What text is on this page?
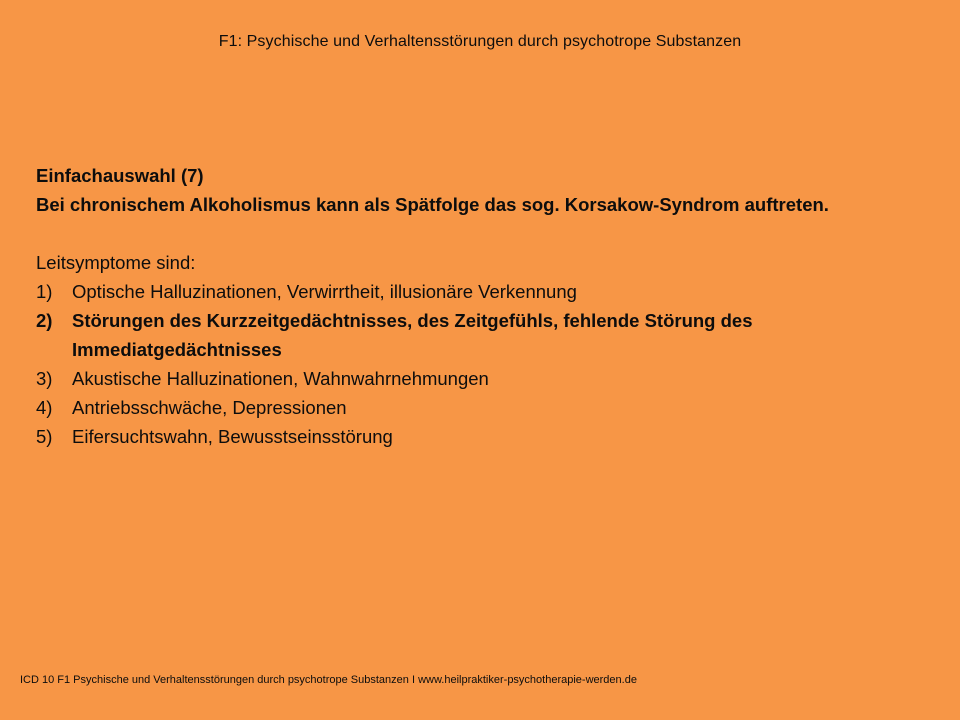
F1: Psychische und Verhaltensstörungen durch psychotrope Substanzen
Einfachauswahl (7)
Bei chronischem Alkoholismus kann als Spätfolge das sog. Korsakow-Syndrom auftreten.
Leitsymptome sind:
1) Optische Halluzinationen, Verwirrtheit, illusionäre Verkennung
2) Störungen des Kurzzeitgedächtnisses, des Zeitgefühls, fehlende Störung des Immediatgedächtnisses
3) Akustische Halluzinationen, Wahnwahrnehmungen
4) Antriebsschwäche, Depressionen
5) Eifersuchtswahn, Bewusstseinsstörung
ICD 10 F1 Psychische und Verhaltensstörungen durch psychotrope Substanzen I www.heilpraktiker-psychotherapie-werden.de
